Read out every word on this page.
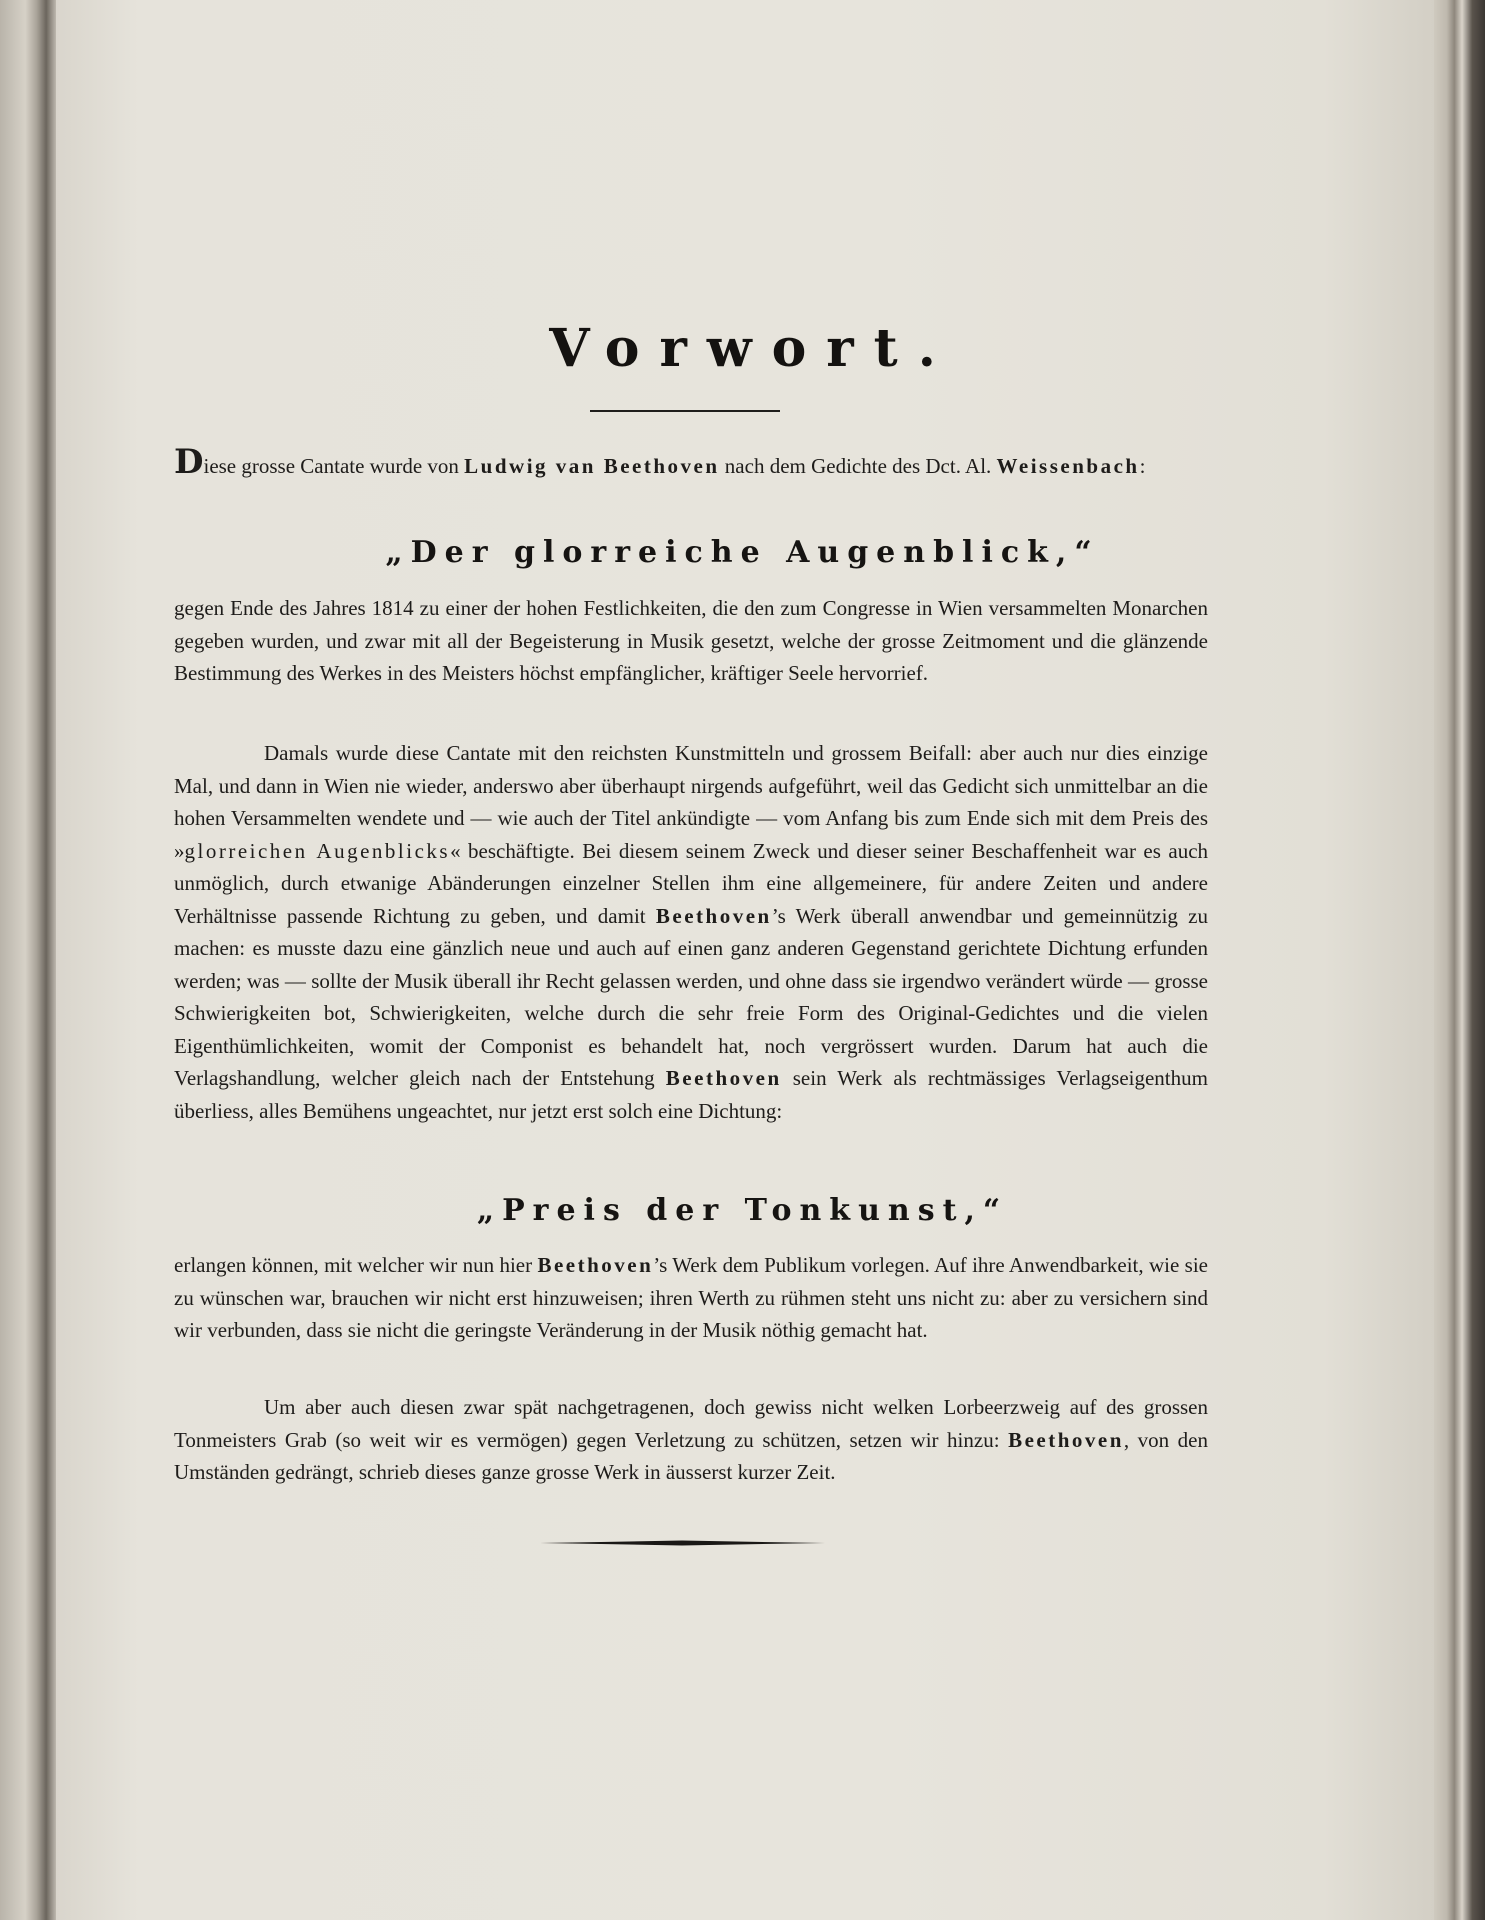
Vorwort.

Diese grosse Cantate wurde von Ludwig van Beethoven nach dem Gedichte des Dct. Al. Weissenbach:

„Der glorreiche Augenblick,“

gegen Ende des Jahres 1814 zu einer der hohen Festlichkeiten, die den zum Congresse in Wien versammelten Monarchen gegeben wurden, und zwar mit all der Begeisterung in Musik gesetzt, welche der grosse Zeitmoment und die glänzende Bestimmung des Werkes in des Meisters höchst empfänglicher, kräftiger Seele hervorrief.

Damals wurde diese Cantate mit den reichsten Kunstmitteln und grossem Beifall: aber auch nur dies einzige Mal, und dann in Wien nie wieder, anderswo aber überhaupt nirgends aufgeführt, weil das Gedicht sich unmittelbar an die hohen Versammelten wendete und — wie auch der Titel ankündigte — vom Anfang bis zum Ende sich mit dem Preis des »glorreichen Augenblicks« beschäftigte. Bei diesem seinem Zweck und dieser seiner Beschaffenheit war es auch unmöglich, durch etwanige Abänderungen einzelner Stellen ihm eine allgemeinere, für andere Zeiten und andere Verhältnisse passende Richtung zu geben, und damit Beethoven’s Werk überall anwendbar und gemeinnützig zu machen: es musste dazu eine gänzlich neue und auch auf einen ganz anderen Gegenstand gerichtete Dichtung erfunden werden; was — sollte der Musik überall ihr Recht gelassen werden, und ohne dass sie irgendwo verändert würde — grosse Schwierigkeiten bot, Schwierigkeiten, welche durch die sehr freie Form des Original-Gedichtes und die vielen Eigenthümlichkeiten, womit der Componist es behandelt hat, noch vergrössert wurden. Darum hat auch die Verlagshandlung, welcher gleich nach der Entstehung Beethoven sein Werk als rechtmässiges Verlagseigenthum überliess, alles Bemühens ungeachtet, nur jetzt erst solch eine Dichtung:

„Preis der Tonkunst,“

erlangen können, mit welcher wir nun hier Beethoven’s Werk dem Publikum vorlegen. Auf ihre Anwendbarkeit, wie sie zu wünschen war, brauchen wir nicht erst hinzuweisen; ihren Werth zu rühmen steht uns nicht zu: aber zu versichern sind wir verbunden, dass sie nicht die geringste Veränderung in der Musik nöthig gemacht hat.

Um aber auch diesen zwar spät nachgetragenen, doch gewiss nicht welken Lorbeerzweig auf des grossen Tonmeisters Grab (so weit wir es vermögen) gegen Verletzung zu schützen, setzen wir hinzu: Beethoven, von den Umständen gedrängt, schrieb dieses ganze grosse Werk in äusserst kurzer Zeit.
